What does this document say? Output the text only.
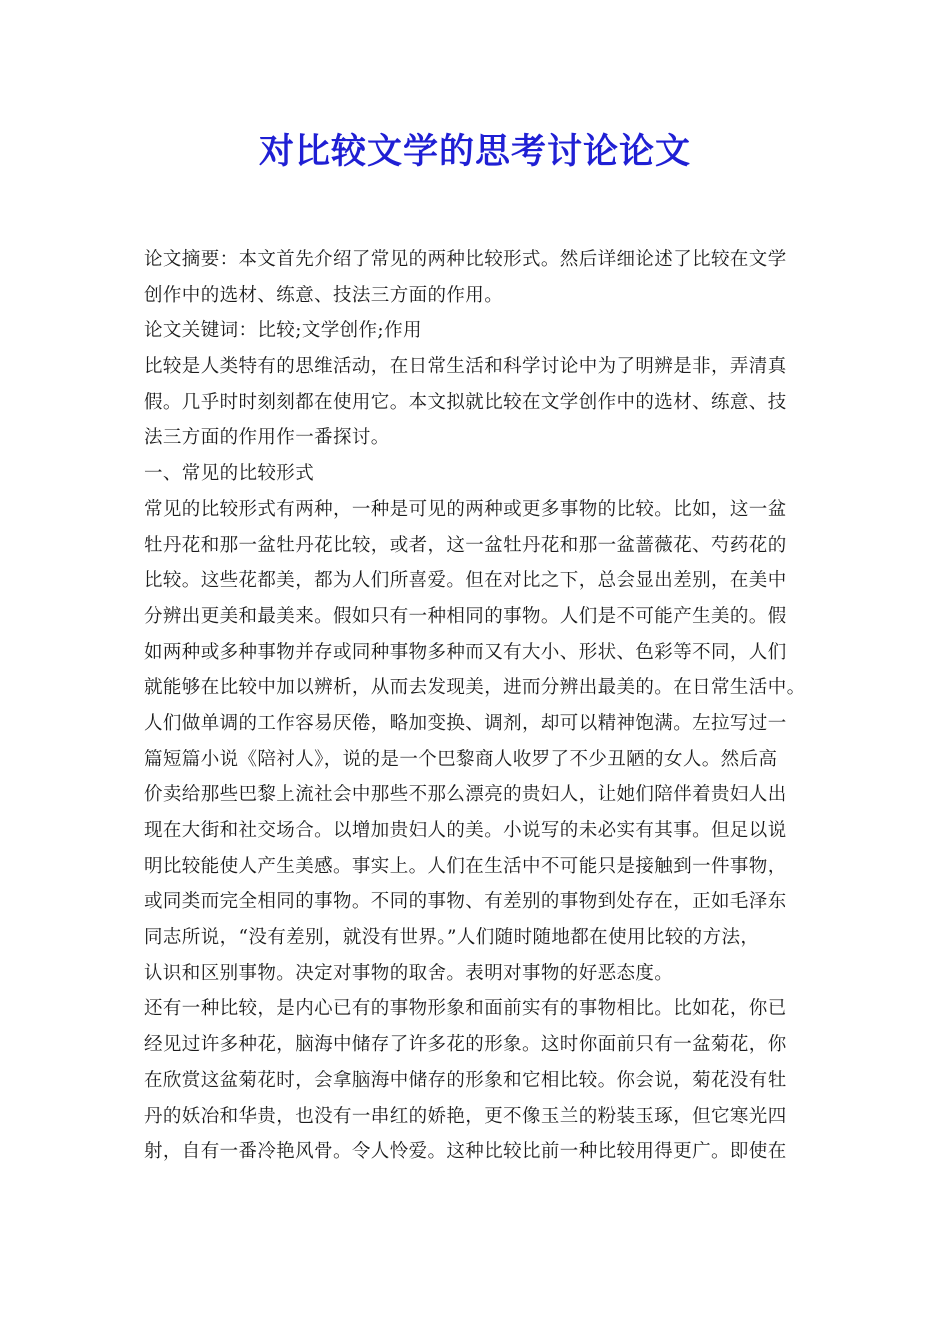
对比较文学的思考讨论论文
论文摘要：本文首先介绍了常见的两种比较形式。然后详细论述了比较在文学
创作中的选材、练意、技法三方面的作用。
论文关键词：比较;文学创作;作用
比较是人类特有的思维活动，在日常生活和科学讨论中为了明辨是非，弄清真
假。几乎时时刻刻都在使用它。本文拟就比较在文学创作中的选材、练意、技
法三方面的作用作一番探讨。
一、常见的比较形式
常见的比较形式有两种，一种是可见的两种或更多事物的比较。比如，这一盆
牡丹花和那一盆牡丹花比较，或者，这一盆牡丹花和那一盆蔷薇花、芍药花的
比较。这些花都美，都为人们所喜爱。但在对比之下，总会显出差别，在美中
分辨出更美和最美来。假如只有一种相同的事物。人们是不可能产生美的。假
如两种或多种事物并存或同种事物多种而又有大小、形状、色彩等不同，人们
就能够在比较中加以辨析，从而去发现美，进而分辨出最美的。在日常生活中。
人们做单调的工作容易厌倦，略加变换、调剂，却可以精神饱满。左拉写过一
篇短篇小说《陪衬人》，说的是一个巴黎商人收罗了不少丑陋的女人。然后高
价卖给那些巴黎上流社会中那些不那么漂亮的贵妇人，让她们陪伴着贵妇人出
现在大街和社交场合。以增加贵妇人的美。小说写的未必实有其事。但足以说
明比较能使人产生美感。事实上。人们在生活中不可能只是接触到一件事物，
或同类而完全相同的事物。不同的事物、有差别的事物到处存在，正如毛泽东
同志所说，“没有差别，就没有世界。”人们随时随地都在使用比较的方法，
认识和区别事物。决定对事物的取舍。表明对事物的好恶态度。
还有一种比较，是内心已有的事物形象和面前实有的事物相比。比如花，你已
经见过许多种花，脑海中储存了许多花的形象。这时你面前只有一盆菊花，你
在欣赏这盆菊花时，会拿脑海中储存的形象和它相比较。你会说，菊花没有牡
丹的妖冶和华贵，也没有一串红的娇艳，更不像玉兰的粉装玉琢，但它寒光四
射，自有一番冷艳风骨。令人怜爱。这种比较比前一种比较用得更广。即使在
